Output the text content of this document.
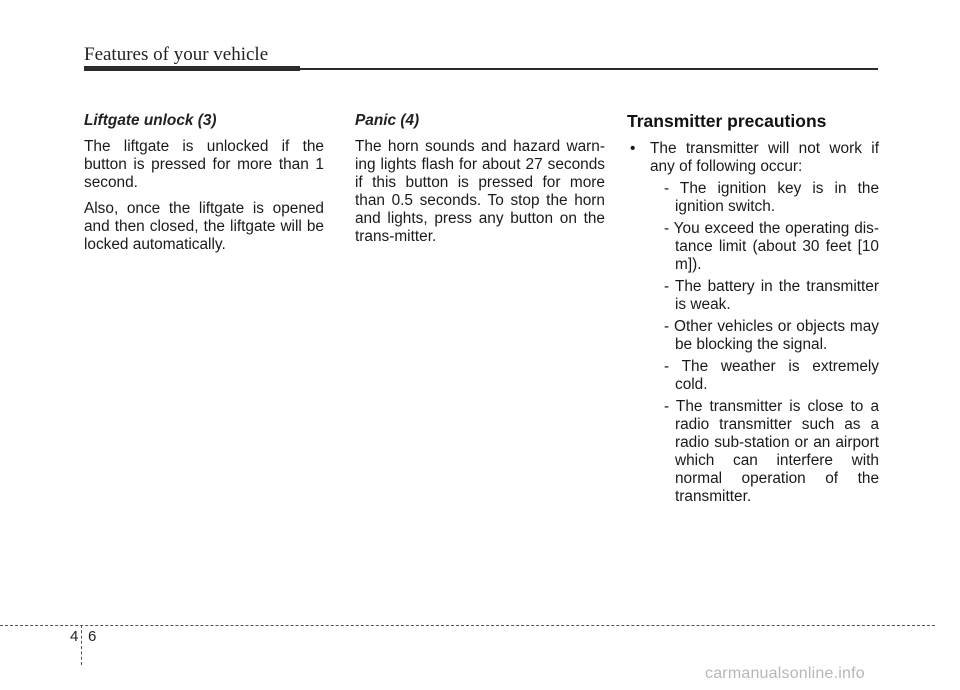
Features of your vehicle
Liftgate unlock (3)

The liftgate is unlocked if the button is pressed for more than 1 second.

Also, once the liftgate is opened and then closed, the liftgate will be locked automatically.

Panic (4)

The horn sounds and hazard warn-ing lights flash for about 27 seconds if this button is pressed for more than 0.5 seconds. To stop the horn and lights, press any button on the trans-mitter.

Transmitter precautions
• The transmitter will not work if any of following occur:
- The ignition key is in the ignition switch.
- You exceed the operating dis-tance limit (about 30 feet [10 m]).
- The battery in the transmitter is weak.
- Other vehicles or objects may be blocking the signal.
- The weather is extremely cold.
- The transmitter is close to a radio transmitter such as a radio sub-station or an airport which can interfere with normal operation of the transmitter.
4 6
carmanualsonline.info
